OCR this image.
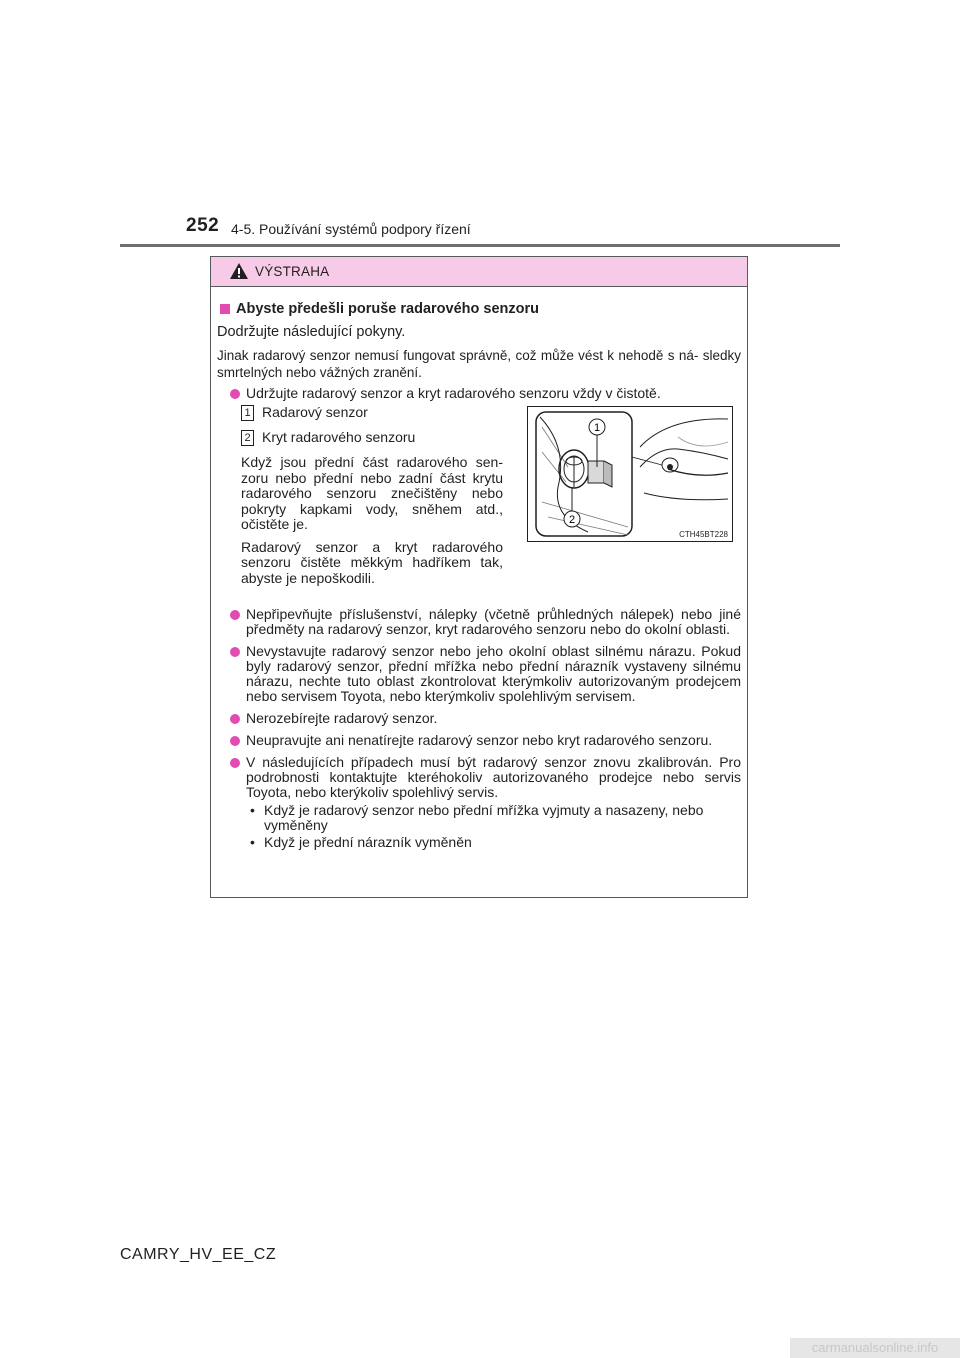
252 4-5. Používání systémů podpory řízení
VÝSTRAHA
Abyste předešli poruše radarového senzoru
Dodržujte následující pokyny.
Jinak radarový senzor nemusí fungovat správně, což může vést k nehodě s ná- sledky smrtelných nebo vážných zranění.
Udržujte radarový senzor a kryt radarového senzoru vždy v čistotě.
1 Radarový senzor
2 Kryt radarového senzoru

Když jsou přední část radarového sen- zoru nebo přední nebo zadní část krytu radarového senzoru znečištěny nebo pokryty kapkami vody, sněhem atd., očistěte je.

Radarový senzor a kryt radarového senzoru čistěte měkkým hadříkem tak, abyste je nepoškodili.

1
2
CTH45BT228
Nepřipevňujte příslušenství, nálepky (včetně průhledných nálepek) nebo jiné předměty na radarový senzor, kryt radarového senzoru nebo do okolní oblasti.
Nevystavujte radarový senzor nebo jeho okolní oblast silnému nárazu. Pokud byly radarový senzor, přední mřížka nebo přední nárazník vystaveny silnému nárazu, nechte tuto oblast zkontrolovat kterýmkoliv autorizovaným prodejcem nebo servisem Toyota, nebo kterýmkoliv spolehlivým servisem.
Nerozebírejte radarový senzor.
Neupravujte ani nenatírejte radarový senzor nebo kryt radarového senzoru.
V následujících případech musí být radarový senzor znovu zkalibrován. Pro podrobnosti kontaktujte kteréhokoliv autorizovaného prodejce nebo servis Toyota, nebo kterýkoliv spolehlivý servis.
• Když je radarový senzor nebo přední mřížka vyjmuty a nasazeny, nebo vyměněny
• Když je přední nárazník vyměněn
CAMRY_HV_EE_CZ
carmanualsonline.info
